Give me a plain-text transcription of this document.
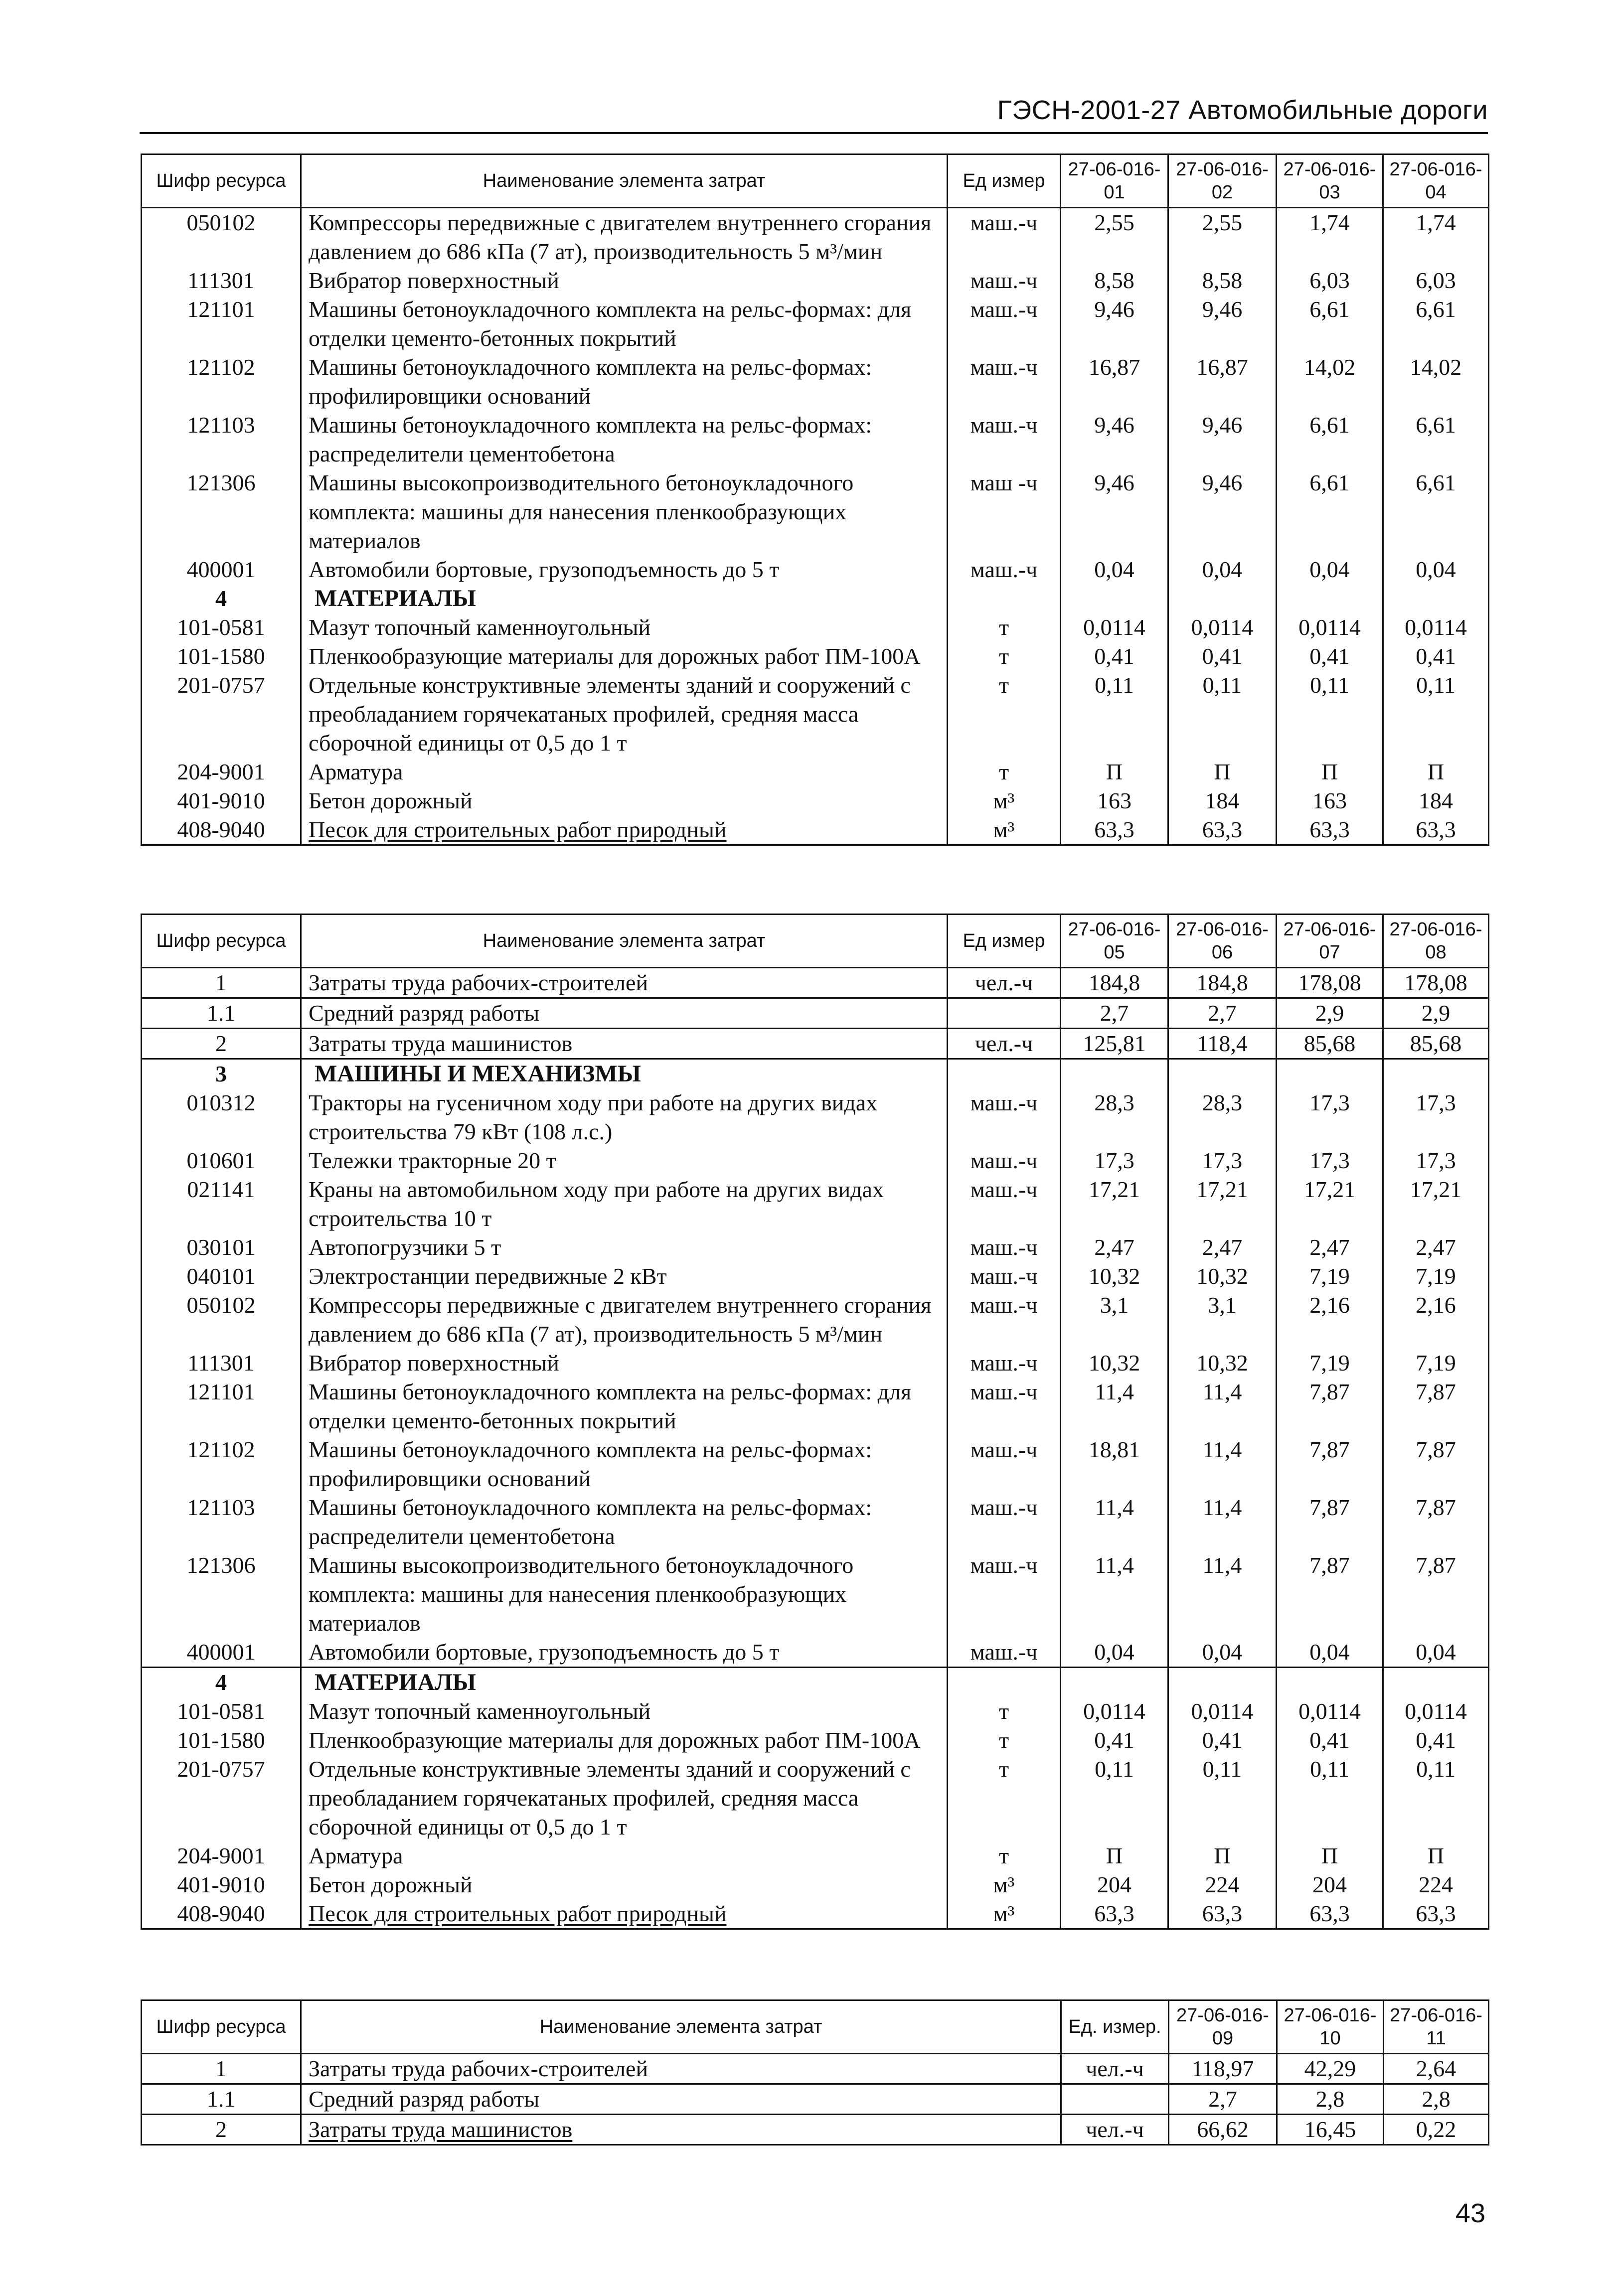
ГЭСН-2001-27 Автомобильные дороги
Шифр ресурса	Наименование элемента затрат	Ед измер	27-06-016-01	27-06-016-02	27-06-016-03	27-06-016-04
050102	Компрессоры передвижные с двигателем внутреннего сгорания давлением до 686 кПа (7 ат), производительность 5 м³/мин	маш.-ч	2,55	2,55	1,74	1,74
111301	Вибратор поверхностный	маш.-ч	8,58	8,58	6,03	6,03
121101	Машины бетоноукладочного комплекта на рельс-формах: для отделки цементо-бетонных покрытий	маш.-ч	9,46	9,46	6,61	6,61
121102	Машины бетоноукладочного комплекта на рельс-формах: профилировщики оснований	маш.-ч	16,87	16,87	14,02	14,02
121103	Машины бетоноукладочного комплекта на рельс-формах: распределители цементобетона	маш.-ч	9,46	9,46	6,61	6,61
121306	Машины высокопроизводительного бетоноукладочного комплекта: машины для нанесения пленкообразующих материалов	маш -ч	9,46	9,46	6,61	6,61
400001	Автомобили бортовые, грузоподъемность до 5 т	маш.-ч	0,04	0,04	0,04	0,04
4	МАТЕРИАЛЫ					
101-0581	Мазут топочный каменноугольный	т	0,0114	0,0114	0,0114	0,0114
101-1580	Пленкообразующие материалы для дорожных работ ПМ-100А	т	0,41	0,41	0,41	0,41
201-0757	Отдельные конструктивные элементы зданий и сооружений с преобладанием горячекатаных профилей, средняя масса сборочной единицы от 0,5 до 1 т	т	0,11	0,11	0,11	0,11
204-9001	Арматура	т	П	П	П	П
401-9010	Бетон дорожный	м³	163	184	163	184
408-9040	Песок для строительных работ природный	м³	63,3	63,3	63,3	63,3
Шифр ресурса	Наименование элемента затрат	Ед измер	27-06-016-05	27-06-016-06	27-06-016-07	27-06-016-08
1	Затраты труда рабочих-строителей	чел.-ч	184,8	184,8	178,08	178,08
1.1	Средний разряд работы		2,7	2,7	2,9	2,9
2	Затраты труда машинистов	чел.-ч	125,81	118,4	85,68	85,68
3	МАШИНЫ И МЕХАНИЗМЫ					
010312	Тракторы на гусеничном ходу при работе на других видах строительства 79 кВт (108 л.с.)	маш.-ч	28,3	28,3	17,3	17,3
010601	Тележки тракторные 20 т	маш.-ч	17,3	17,3	17,3	17,3
021141	Краны на автомобильном ходу при работе на других видах строительства 10 т	маш.-ч	17,21	17,21	17,21	17,21
030101	Автопогрузчики 5 т	маш.-ч	2,47	2,47	2,47	2,47
040101	Электростанции передвижные 2 кВт	маш.-ч	10,32	10,32	7,19	7,19
050102	Компрессоры передвижные с двигателем внутреннего сгорания давлением до 686 кПа (7 ат), производительность 5 м³/мин	маш.-ч	3,1	3,1	2,16	2,16
111301	Вибратор поверхностный	маш.-ч	10,32	10,32	7,19	7,19
121101	Машины бетоноукладочного комплекта на рельс-формах: для отделки цементо-бетонных покрытий	маш.-ч	11,4	11,4	7,87	7,87
121102	Машины бетоноукладочного комплекта на рельс-формах: профилировщики оснований	маш.-ч	18,81	11,4	7,87	7,87
121103	Машины бетоноукладочного комплекта на рельс-формах: распределители цементобетона	маш.-ч	11,4	11,4	7,87	7,87
121306	Машины высокопроизводительного бетоноукладочного комплекта: машины для нанесения пленкообразующих материалов	маш.-ч	11,4	11,4	7,87	7,87
400001	Автомобили бортовые, грузоподъемность до 5 т	маш.-ч	0,04	0,04	0,04	0,04
4	МАТЕРИАЛЫ					
101-0581	Мазут топочный каменноугольный	т	0,0114	0,0114	0,0114	0,0114
101-1580	Пленкообразующие материалы для дорожных работ ПМ-100А	т	0,41	0,41	0,41	0,41
201-0757	Отдельные конструктивные элементы зданий и сооружений с преобладанием горячекатаных профилей, средняя масса сборочной единицы от 0,5 до 1 т	т	0,11	0,11	0,11	0,11
204-9001	Арматура	т	П	П	П	П
401-9010	Бетон дорожный	м³	204	224	204	224
408-9040	Песок для строительных работ природный	м³	63,3	63,3	63,3	63,3
Шифр ресурса	Наименование элемента затрат	Ед. измер.	27-06-016-09	27-06-016-10	27-06-016-11
1	Затраты труда рабочих-строителей	чел.-ч	118,97	42,29	2,64
1.1	Средний разряд работы		2,7	2,8	2,8
2	Затраты труда машинистов	чел.-ч	66,62	16,45	0,22
43
